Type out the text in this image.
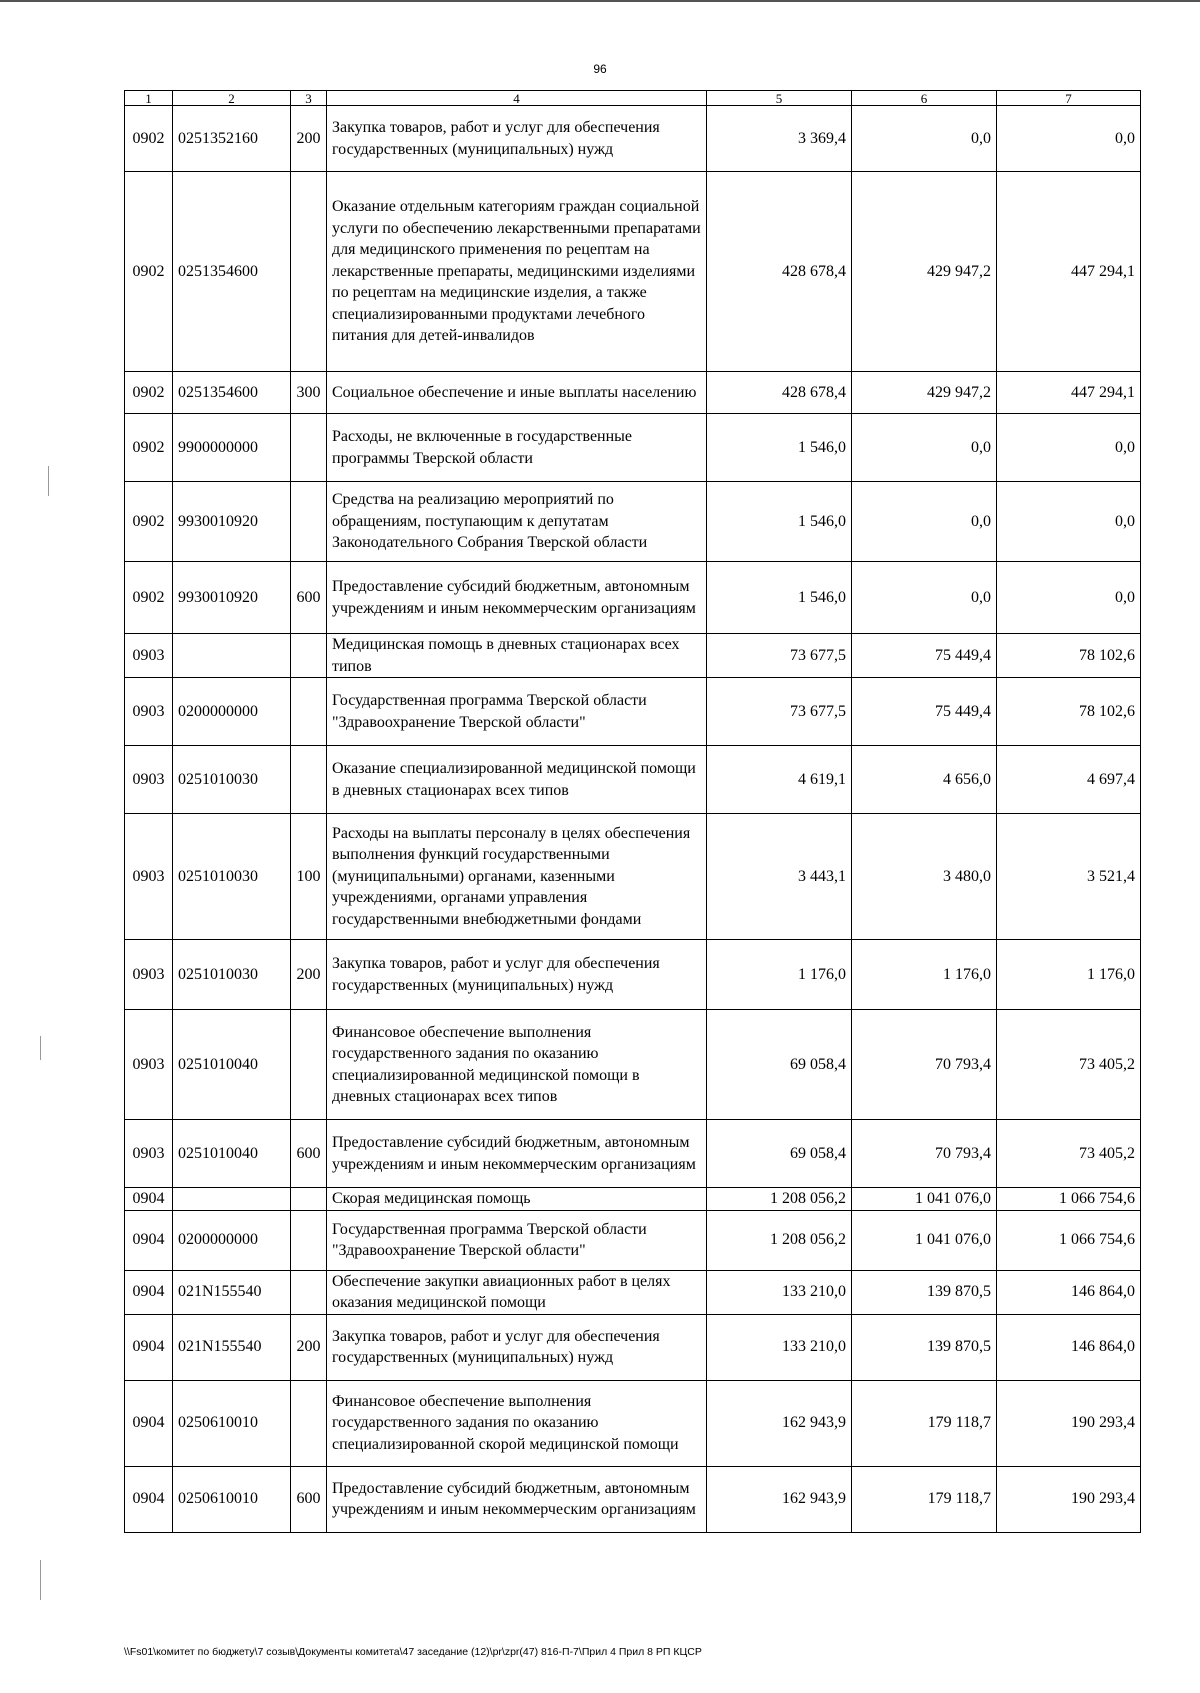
96
1	2	3	4	5	6	7
0902	0251352160	200	Закупка товаров, работ и услуг для обеспечения государственных (муниципальных) нужд	3 369,4	0,0	0,0
0902	0251354600		Оказание отдельным категориям граждан социальной услуги по обеспечению лекарственными препаратами для медицинского применения по рецептам на лекарственные препараты, медицинскими изделиями по рецептам на медицинские изделия, а также специализированными продуктами лечебного питания для детей-инвалидов	428 678,4	429 947,2	447 294,1
0902	0251354600	300	Социальное обеспечение и иные выплаты населению	428 678,4	429 947,2	447 294,1
0902	9900000000		Расходы, не включенные в государственные программы Тверской области	1 546,0	0,0	0,0
0902	9930010920		Средства на реализацию мероприятий по обращениям, поступающим к депутатам Законодательного Собрания Тверской области	1 546,0	0,0	0,0
0902	9930010920	600	Предоставление субсидий бюджетным, автономным учреждениям и иным некоммерческим организациям	1 546,0	0,0	0,0
0903			Медицинская помощь в дневных стационарах всех типов	73 677,5	75 449,4	78 102,6
0903	0200000000		Государственная программа Тверской области "Здравоохранение Тверской области"	73 677,5	75 449,4	78 102,6
0903	0251010030		Оказание специализированной медицинской помощи в дневных стационарах всех типов	4 619,1	4 656,0	4 697,4
0903	0251010030	100	Расходы на выплаты персоналу в целях обеспечения выполнения функций государственными (муниципальными) органами, казенными учреждениями, органами управления государственными внебюджетными фондами	3 443,1	3 480,0	3 521,4
0903	0251010030	200	Закупка товаров, работ и услуг для обеспечения государственных (муниципальных) нужд	1 176,0	1 176,0	1 176,0
0903	0251010040		Финансовое обеспечение выполнения государственного задания по оказанию специализированной медицинской помощи в дневных стационарах всех типов	69 058,4	70 793,4	73 405,2
0903	0251010040	600	Предоставление субсидий бюджетным, автономным учреждениям и иным некоммерческим организациям	69 058,4	70 793,4	73 405,2
0904			Скорая медицинская помощь	1 208 056,2	1 041 076,0	1 066 754,6
0904	0200000000		Государственная программа Тверской области "Здравоохранение Тверской области"	1 208 056,2	1 041 076,0	1 066 754,6
0904	021N155540		Обеспечение закупки авиационных работ в целях оказания медицинской помощи	133 210,0	139 870,5	146 864,0
0904	021N155540	200	Закупка товаров, работ и услуг для обеспечения государственных (муниципальных) нужд	133 210,0	139 870,5	146 864,0
0904	0250610010		Финансовое обеспечение выполнения государственного задания по оказанию специализированной скорой медицинской помощи	162 943,9	179 118,7	190 293,4
0904	0250610010	600	Предоставление субсидий бюджетным, автономным учреждениям и иным некоммерческим организациям	162 943,9	179 118,7	190 293,4
\\Fs01\комитет по бюджету\7 созыв\Документы комитета\47 заседание (12)\pr\zpr(47) 816-П-7\Прил 4 Прил 8 РП КЦСР
